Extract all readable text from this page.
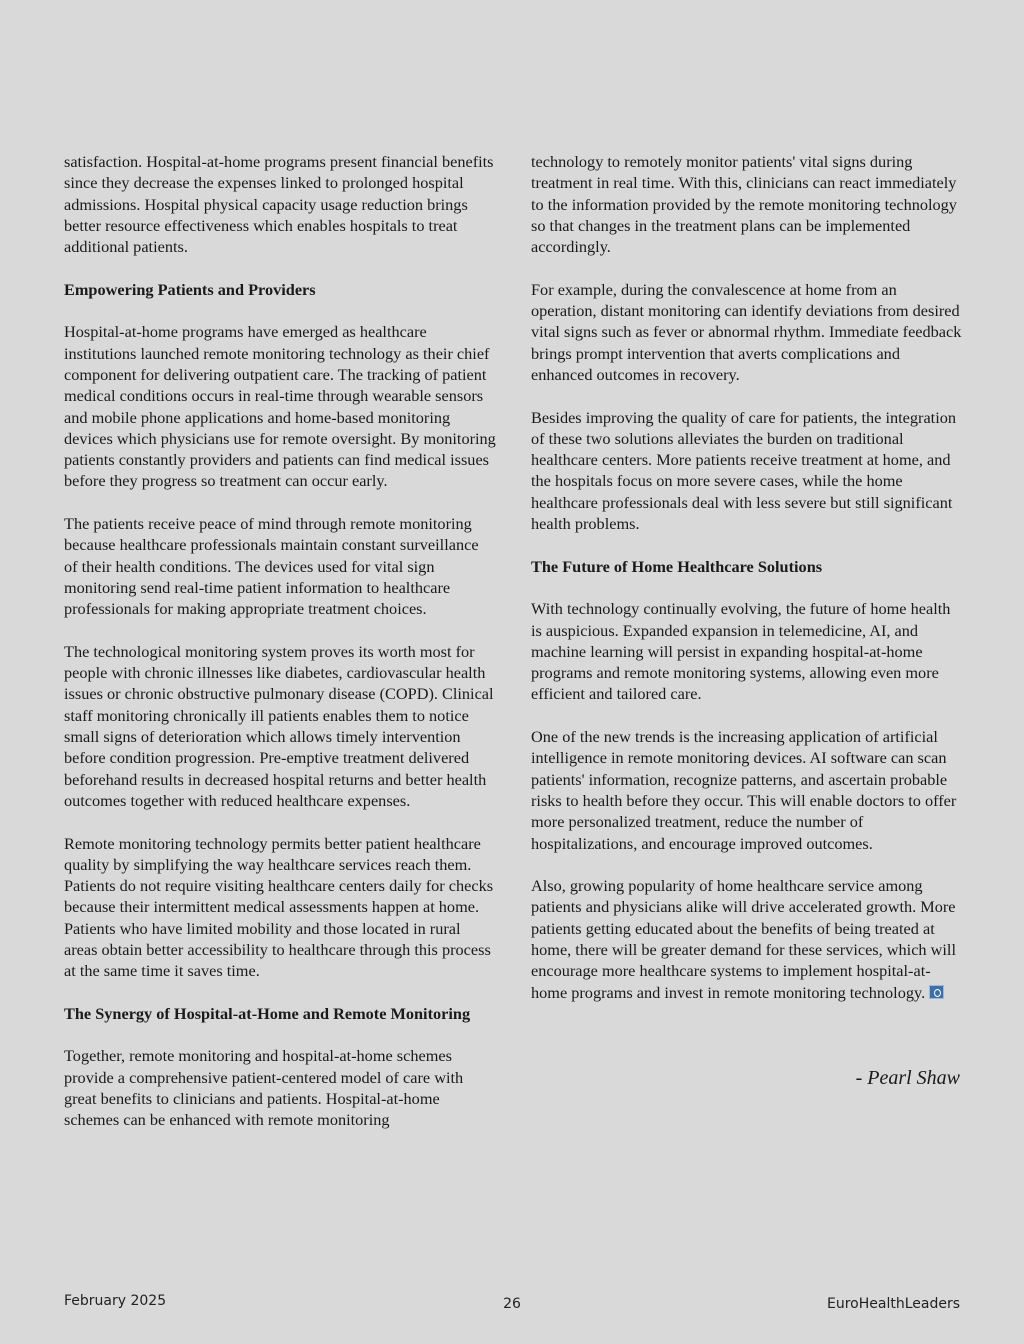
satisfaction. Hospital-at-home programs present financial benefits since they decrease the expenses linked to prolonged hospital admissions. Hospital physical capacity usage reduction brings better resource effectiveness which enables hospitals to treat additional patients.

Empowering Patients and Providers

Hospital-at-home programs have emerged as healthcare institutions launched remote monitoring technology as their chief component for delivering outpatient care. The tracking of patient medical conditions occurs in real-time through wearable sensors and mobile phone applications and home-based monitoring devices which physicians use for remote oversight. By monitoring patients constantly providers and patients can find medical issues before they progress so treatment can occur early.

The patients receive peace of mind through remote monitoring because healthcare professionals maintain constant surveillance of their health conditions. The devices used for vital sign monitoring send real-time patient information to healthcare professionals for making appropriate treatment choices.

The technological monitoring system proves its worth most for people with chronic illnesses like diabetes, cardiovascular health issues or chronic obstructive pulmonary disease (COPD). Clinical staff monitoring chronically ill patients enables them to notice small signs of deterioration which allows timely intervention before condition progression. Pre-emptive treatment delivered beforehand results in decreased hospital returns and better health outcomes together with reduced healthcare expenses.

Remote monitoring technology permits better patient healthcare quality by simplifying the way healthcare services reach them. Patients do not require visiting healthcare centers daily for checks because their intermittent medical assessments happen at home. Patients who have limited mobility and those located in rural areas obtain better accessibility to healthcare through this process at the same time it saves time.

The Synergy of Hospital-at-Home and Remote Monitoring

Together, remote monitoring and hospital-at-home schemes provide a comprehensive patient-centered model of care with great benefits to clinicians and patients. Hospital-at-home schemes can be enhanced with remote monitoring

technology to remotely monitor patients' vital signs during treatment in real time. With this, clinicians can react immediately to the information provided by the remote monitoring technology so that changes in the treatment plans can be implemented accordingly.

For example, during the convalescence at home from an operation, distant monitoring can identify deviations from desired vital signs such as fever or abnormal rhythm. Immediate feedback brings prompt intervention that averts complications and enhanced outcomes in recovery.

Besides improving the quality of care for patients, the integration of these two solutions alleviates the burden on traditional healthcare centers. More patients receive treatment at home, and the hospitals focus on more severe cases, while the home healthcare professionals deal with less severe but still significant health problems.

The Future of Home Healthcare Solutions

With technology continually evolving, the future of home health is auspicious. Expanded expansion in telemedicine, AI, and machine learning will persist in expanding hospital-at-home programs and remote monitoring systems, allowing even more efficient and tailored care.

One of the new trends is the increasing application of artificial intelligence in remote monitoring devices. AI software can scan patients' information, recognize patterns, and ascertain probable risks to health before they occur. This will enable doctors to offer more personalized treatment, reduce the number of hospitalizations, and encourage improved outcomes.

Also, growing popularity of home healthcare service among patients and physicians alike will drive accelerated growth. More patients getting educated about the benefits of being treated at home, there will be greater demand for these services, which will encourage more healthcare systems to implement hospital-at-home programs and invest in remote monitoring technology.

- Pearl Shaw
February 2025	26	EuroHealthLeaders
